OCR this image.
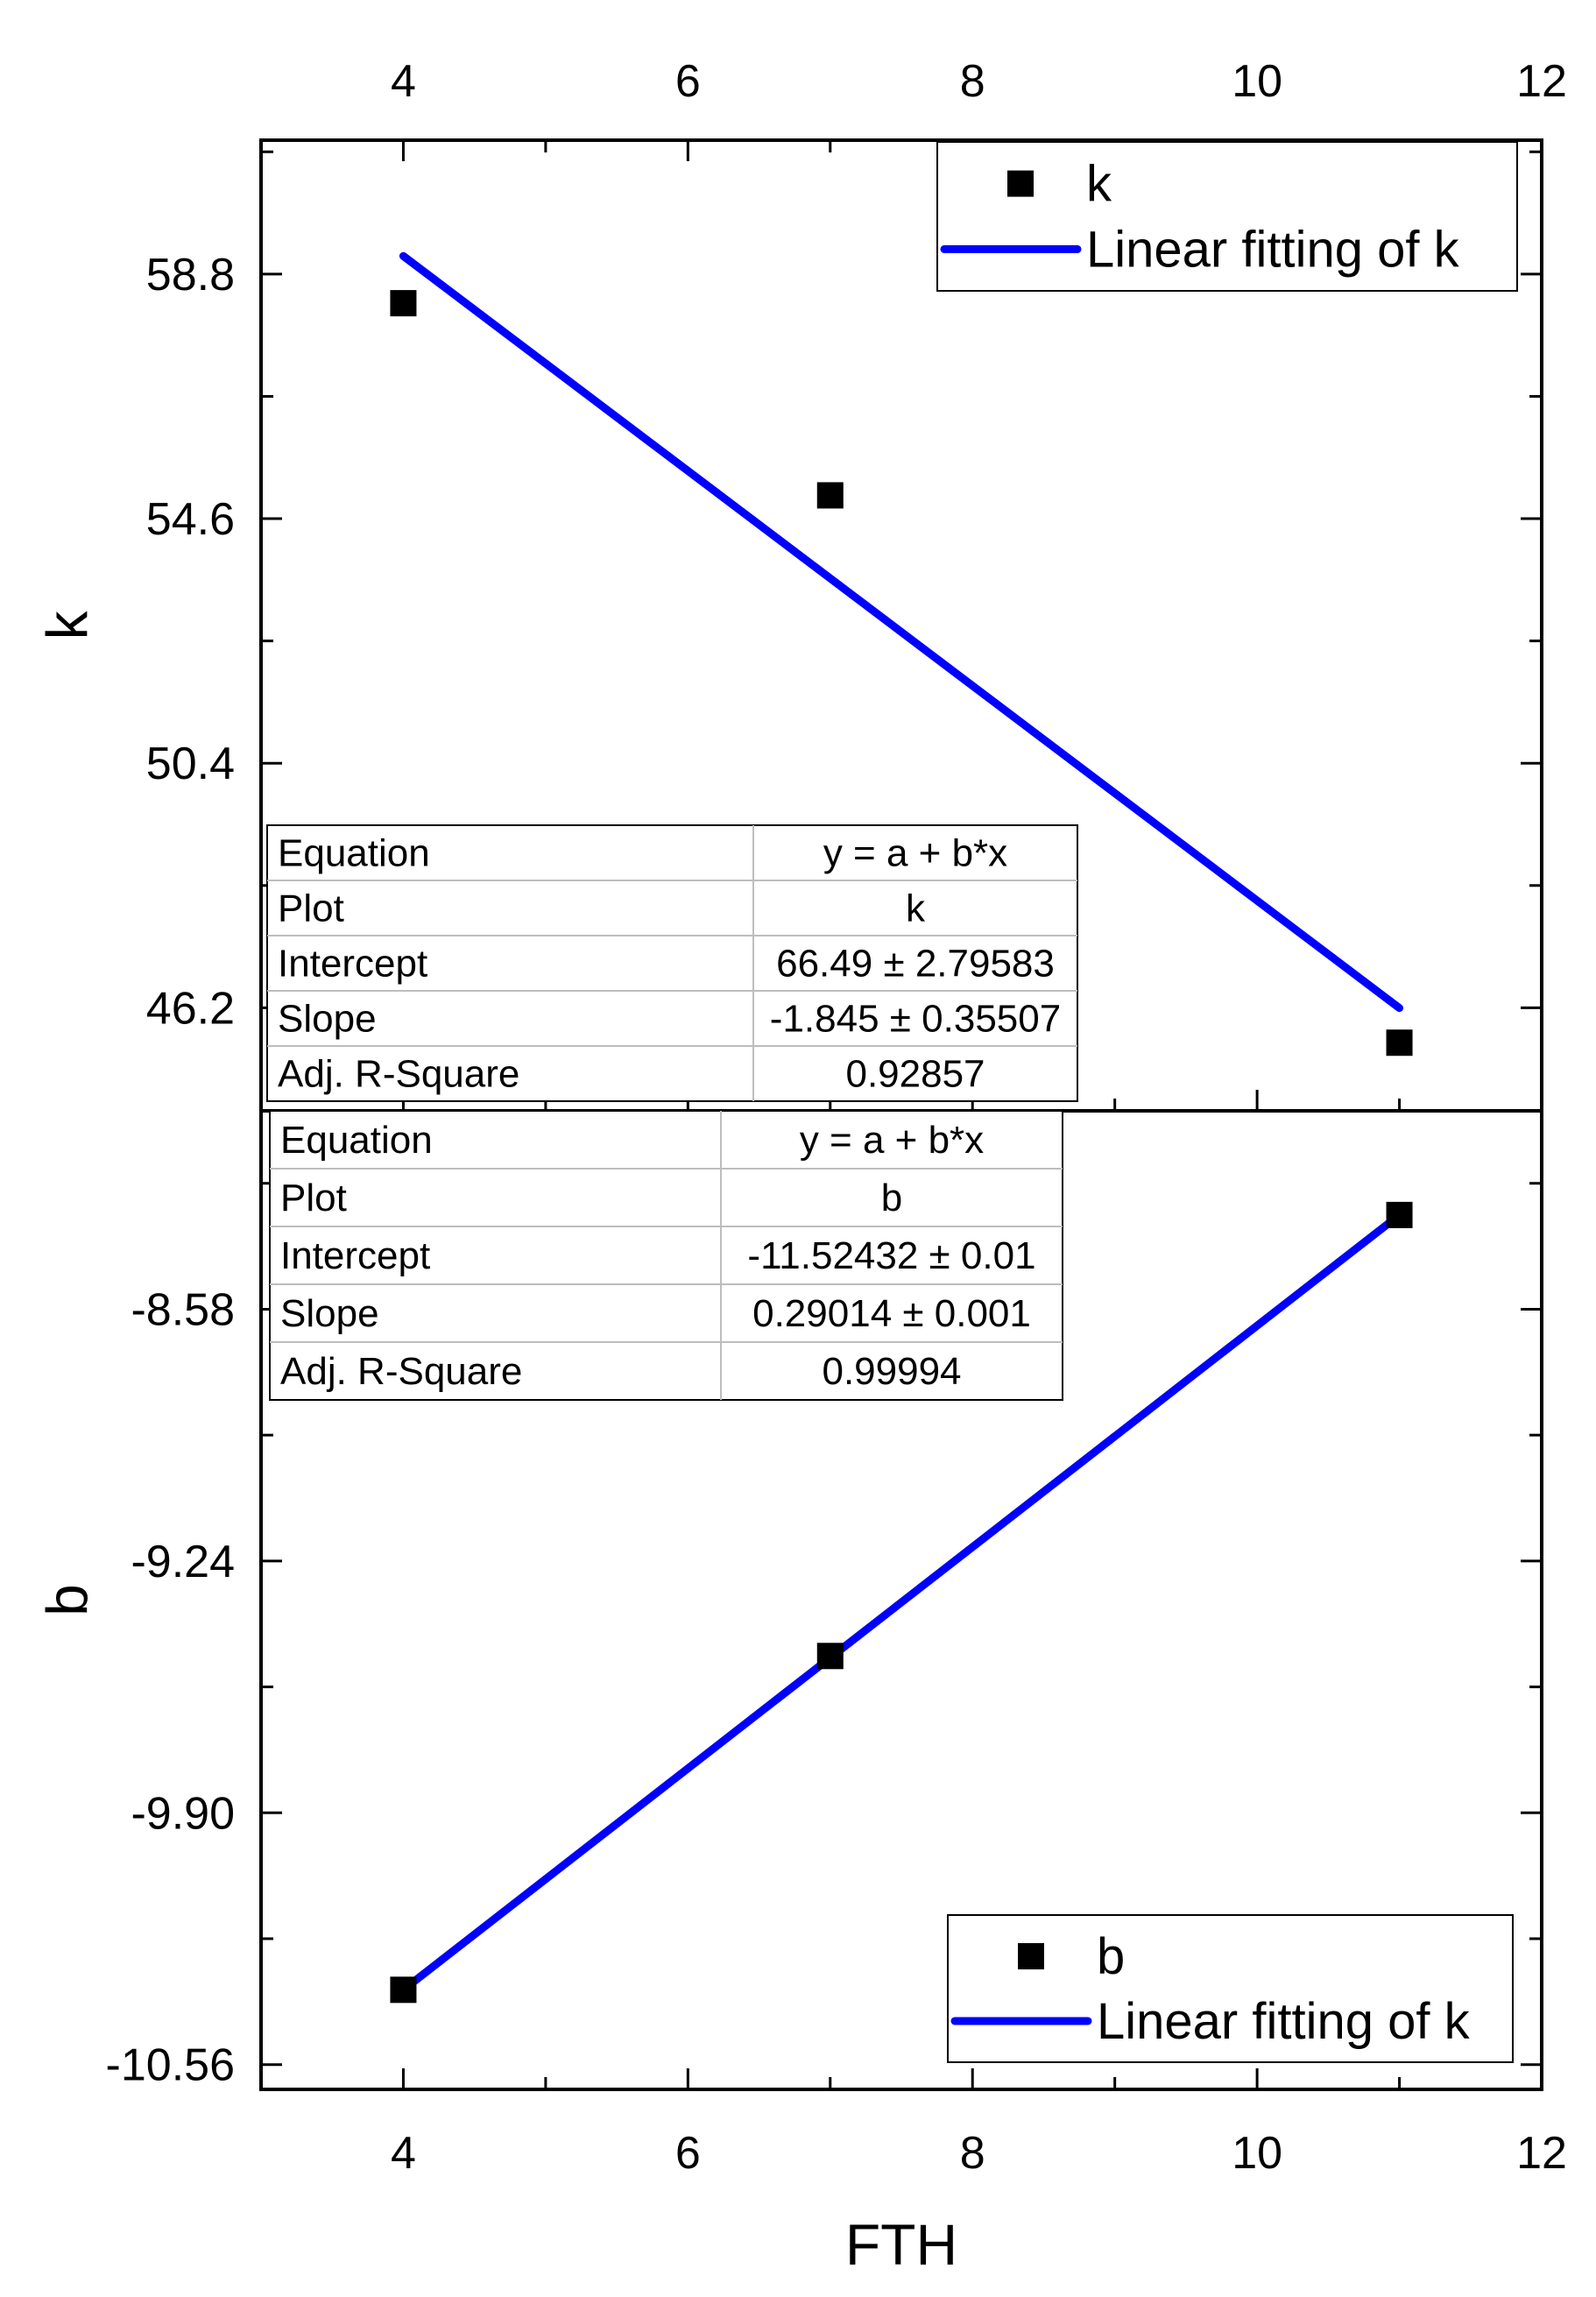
4
4
6
6
8
8
10
10
12
12
FTH
46.2
50.4
54.6
58.8
k
Equation	y = a + b*x
Plot	k
Intercept	66.49 ± 2.79583
Slope	-1.845 ± 0.35507
Adj. R-Square	0.92857
k
Linear fitting of k
-10.56
-9.90
-9.24
-8.58
b
Equation	y = a + b*x
Plot	b
Intercept	-11.52432 ± 0.01
Slope	0.29014 ± 0.001
Adj. R-Square	0.99994
b
Linear fitting of k
